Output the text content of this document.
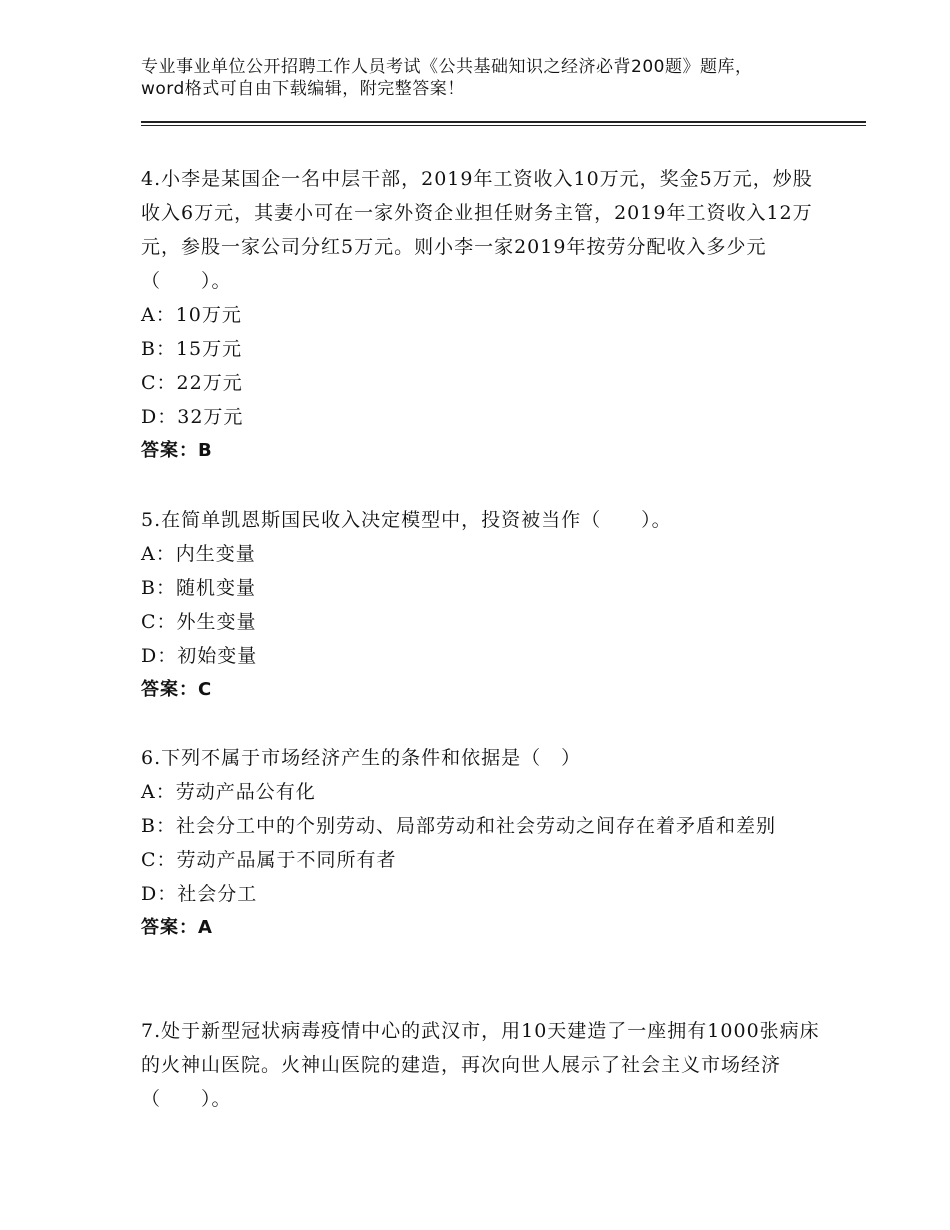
专业事业单位公开招聘工作人员考试《公共基础知识之经济必背200题》题库，word格式可自由下载编辑，附完整答案！
4.小李是某国企一名中层干部，2019年工资收入10万元，奖金5万元，炒股收入6万元，其妻小可在一家外资企业担任财务主管，2019年工资收入12万元，参股一家公司分红5万元。则小李一家2019年按劳分配收入多少元（　　）。
A：10万元
B：15万元
C：22万元
D：32万元
答案：B
5.在简单凯恩斯国民收入决定模型中，投资被当作（　　）。
A：内生变量
B：随机变量
C：外生变量
D：初始变量
答案：C
6.下列不属于市场经济产生的条件和依据是（　）
A：劳动产品公有化
B：社会分工中的个别劳动、局部劳动和社会劳动之间存在着矛盾和差别
C：劳动产品属于不同所有者
D：社会分工
答案：A
7.处于新型冠状病毒疫情中心的武汉市，用10天建造了一座拥有1000张病床的火神山医院。火神山医院的建造，再次向世人展示了社会主义市场经济（　　）。
